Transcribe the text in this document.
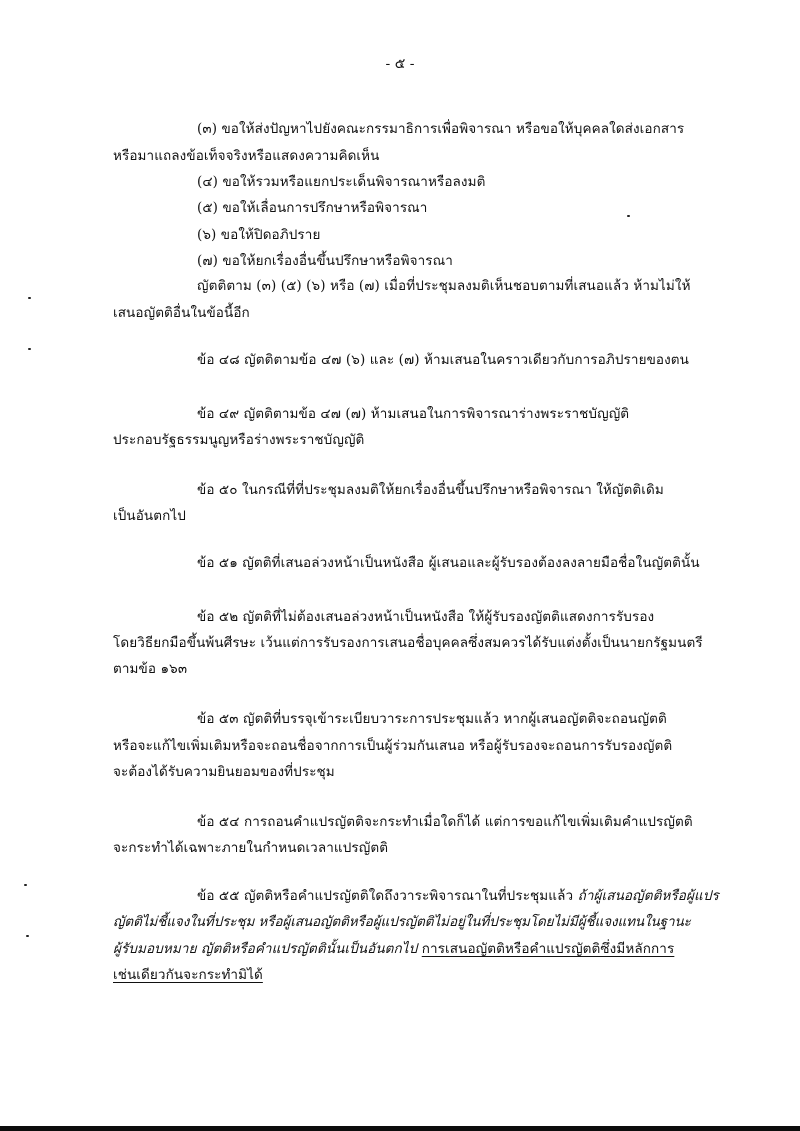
- ๕ -
(๓) ขอให้ส่งปัญหาไปยังคณะกรรมาธิการเพื่อพิจารณา หรือขอให้บุคคลใดส่งเอกสาร
หรือมาแถลงข้อเท็จจริงหรือแสดงความคิดเห็น
(๔) ขอให้รวมหรือแยกประเด็นพิจารณาหรือลงมติ
(๕) ขอให้เลื่อนการปรึกษาหรือพิจารณา
(๖) ขอให้ปิดอภิปราย
(๗) ขอให้ยกเรื่องอื่นขึ้นปรึกษาหรือพิจารณา
ญัตติตาม (๓) (๕) (๖) หรือ (๗) เมื่อที่ประชุมลงมติเห็นชอบตามที่เสนอแล้ว ห้ามไม่ให้
เสนอญัตติอื่นในข้อนี้อีก
ข้อ ๔๘ ญัตติตามข้อ ๔๗ (๖) และ (๗) ห้ามเสนอในคราวเดียวกับการอภิปรายของตน
ข้อ ๔๙ ญัตติตามข้อ ๔๗ (๗) ห้ามเสนอในการพิจารณาร่างพระราชบัญญัติ
ประกอบรัฐธรรมนูญหรือร่างพระราชบัญญัติ
ข้อ ๕๐ ในกรณีที่ที่ประชุมลงมติให้ยกเรื่องอื่นขึ้นปรึกษาหรือพิจารณา ให้ญัตติเดิม
เป็นอันตกไป
ข้อ ๕๑ ญัตติที่เสนอล่วงหน้าเป็นหนังสือ ผู้เสนอและผู้รับรองต้องลงลายมือชื่อในญัตตินั้น
ข้อ ๕๒ ญัตติที่ไม่ต้องเสนอล่วงหน้าเป็นหนังสือ ให้ผู้รับรองญัตติแสดงการรับรอง
โดยวิธียกมือขึ้นพ้นศีรษะ เว้นแต่การรับรองการเสนอชื่อบุคคลซึ่งสมควรได้รับแต่งตั้งเป็นนายกรัฐมนตรี
ตามข้อ ๑๖๓
ข้อ ๕๓ ญัตติที่บรรจุเข้าระเบียบวาระการประชุมแล้ว หากผู้เสนอญัตติจะถอนญัตติ
หรือจะแก้ไขเพิ่มเติมหรือจะถอนชื่อจากการเป็นผู้ร่วมกันเสนอ หรือผู้รับรองจะถอนการรับรองญัตติ
จะต้องได้รับความยินยอมของที่ประชุม
ข้อ ๕๔ การถอนคำแปรญัตติจะกระทำเมื่อใดก็ได้ แต่การขอแก้ไขเพิ่มเติมคำแปรญัตติ
จะกระทำได้เฉพาะภายในกำหนดเวลาแปรญัตติ
ข้อ ๕๕ ญัตติหรือคำแปรญัตติใดถึงวาระพิจารณาในที่ประชุมแล้ว ถ้าผู้เสนอญัตติหรือผู้แปร
ญัตติไม่ชี้แจงในที่ประชุม หรือผู้เสนอญัตติหรือผู้แปรญัตติไม่อยู่ในที่ประชุมโดยไม่มีผู้ชี้แจงแทนในฐานะ
ผู้รับมอบหมาย ญัตติหรือคำแปรญัตตินั้นเป็นอันตกไป การเสนอญัตติหรือคำแปรญัตติซึ่งมีหลักการ
เช่นเดียวกันจะกระทำมิได้
